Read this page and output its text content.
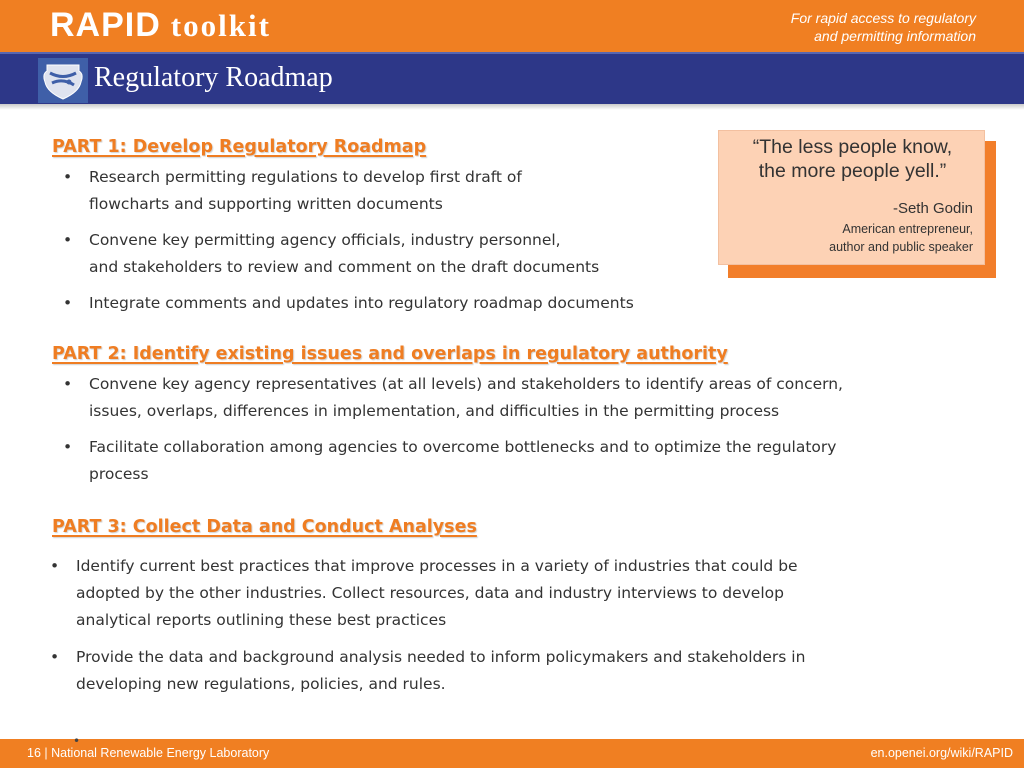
RAPID toolkit	For rapid access to regulatory
and permitting information
Regulatory Roadmap
“The less people know,
the more people yell.”
-Seth Godin
American entrepreneur,
author and public speaker
PART 1: Develop Regulatory Roadmap
• Research permitting regulations to develop first draft of
flowcharts and supporting written documents
• Convene key permitting agency officials, industry personnel,
and stakeholders to review and comment on the draft documents
• Integrate comments and updates into regulatory roadmap documents
PART 2: Identify existing issues and overlaps in regulatory authority
• Convene key agency representatives (at all levels) and stakeholders to identify areas of concern,
issues, overlaps, differences in implementation, and difficulties in the permitting process
• Facilitate collaboration among agencies to overcome bottlenecks and to optimize the regulatory
process
PART 3: Collect Data and Conduct Analyses
• Identify current best practices that improve processes in a variety of industries that could be
adopted by the other industries. Collect resources, data and industry interviews to develop
analytical reports outlining these best practices
• Provide the data and background analysis needed to inform policymakers and stakeholders in
developing new regulations, policies, and rules.
16 | National Renewable Energy Laboratory	en.openei.org/wiki/RAPID
•
